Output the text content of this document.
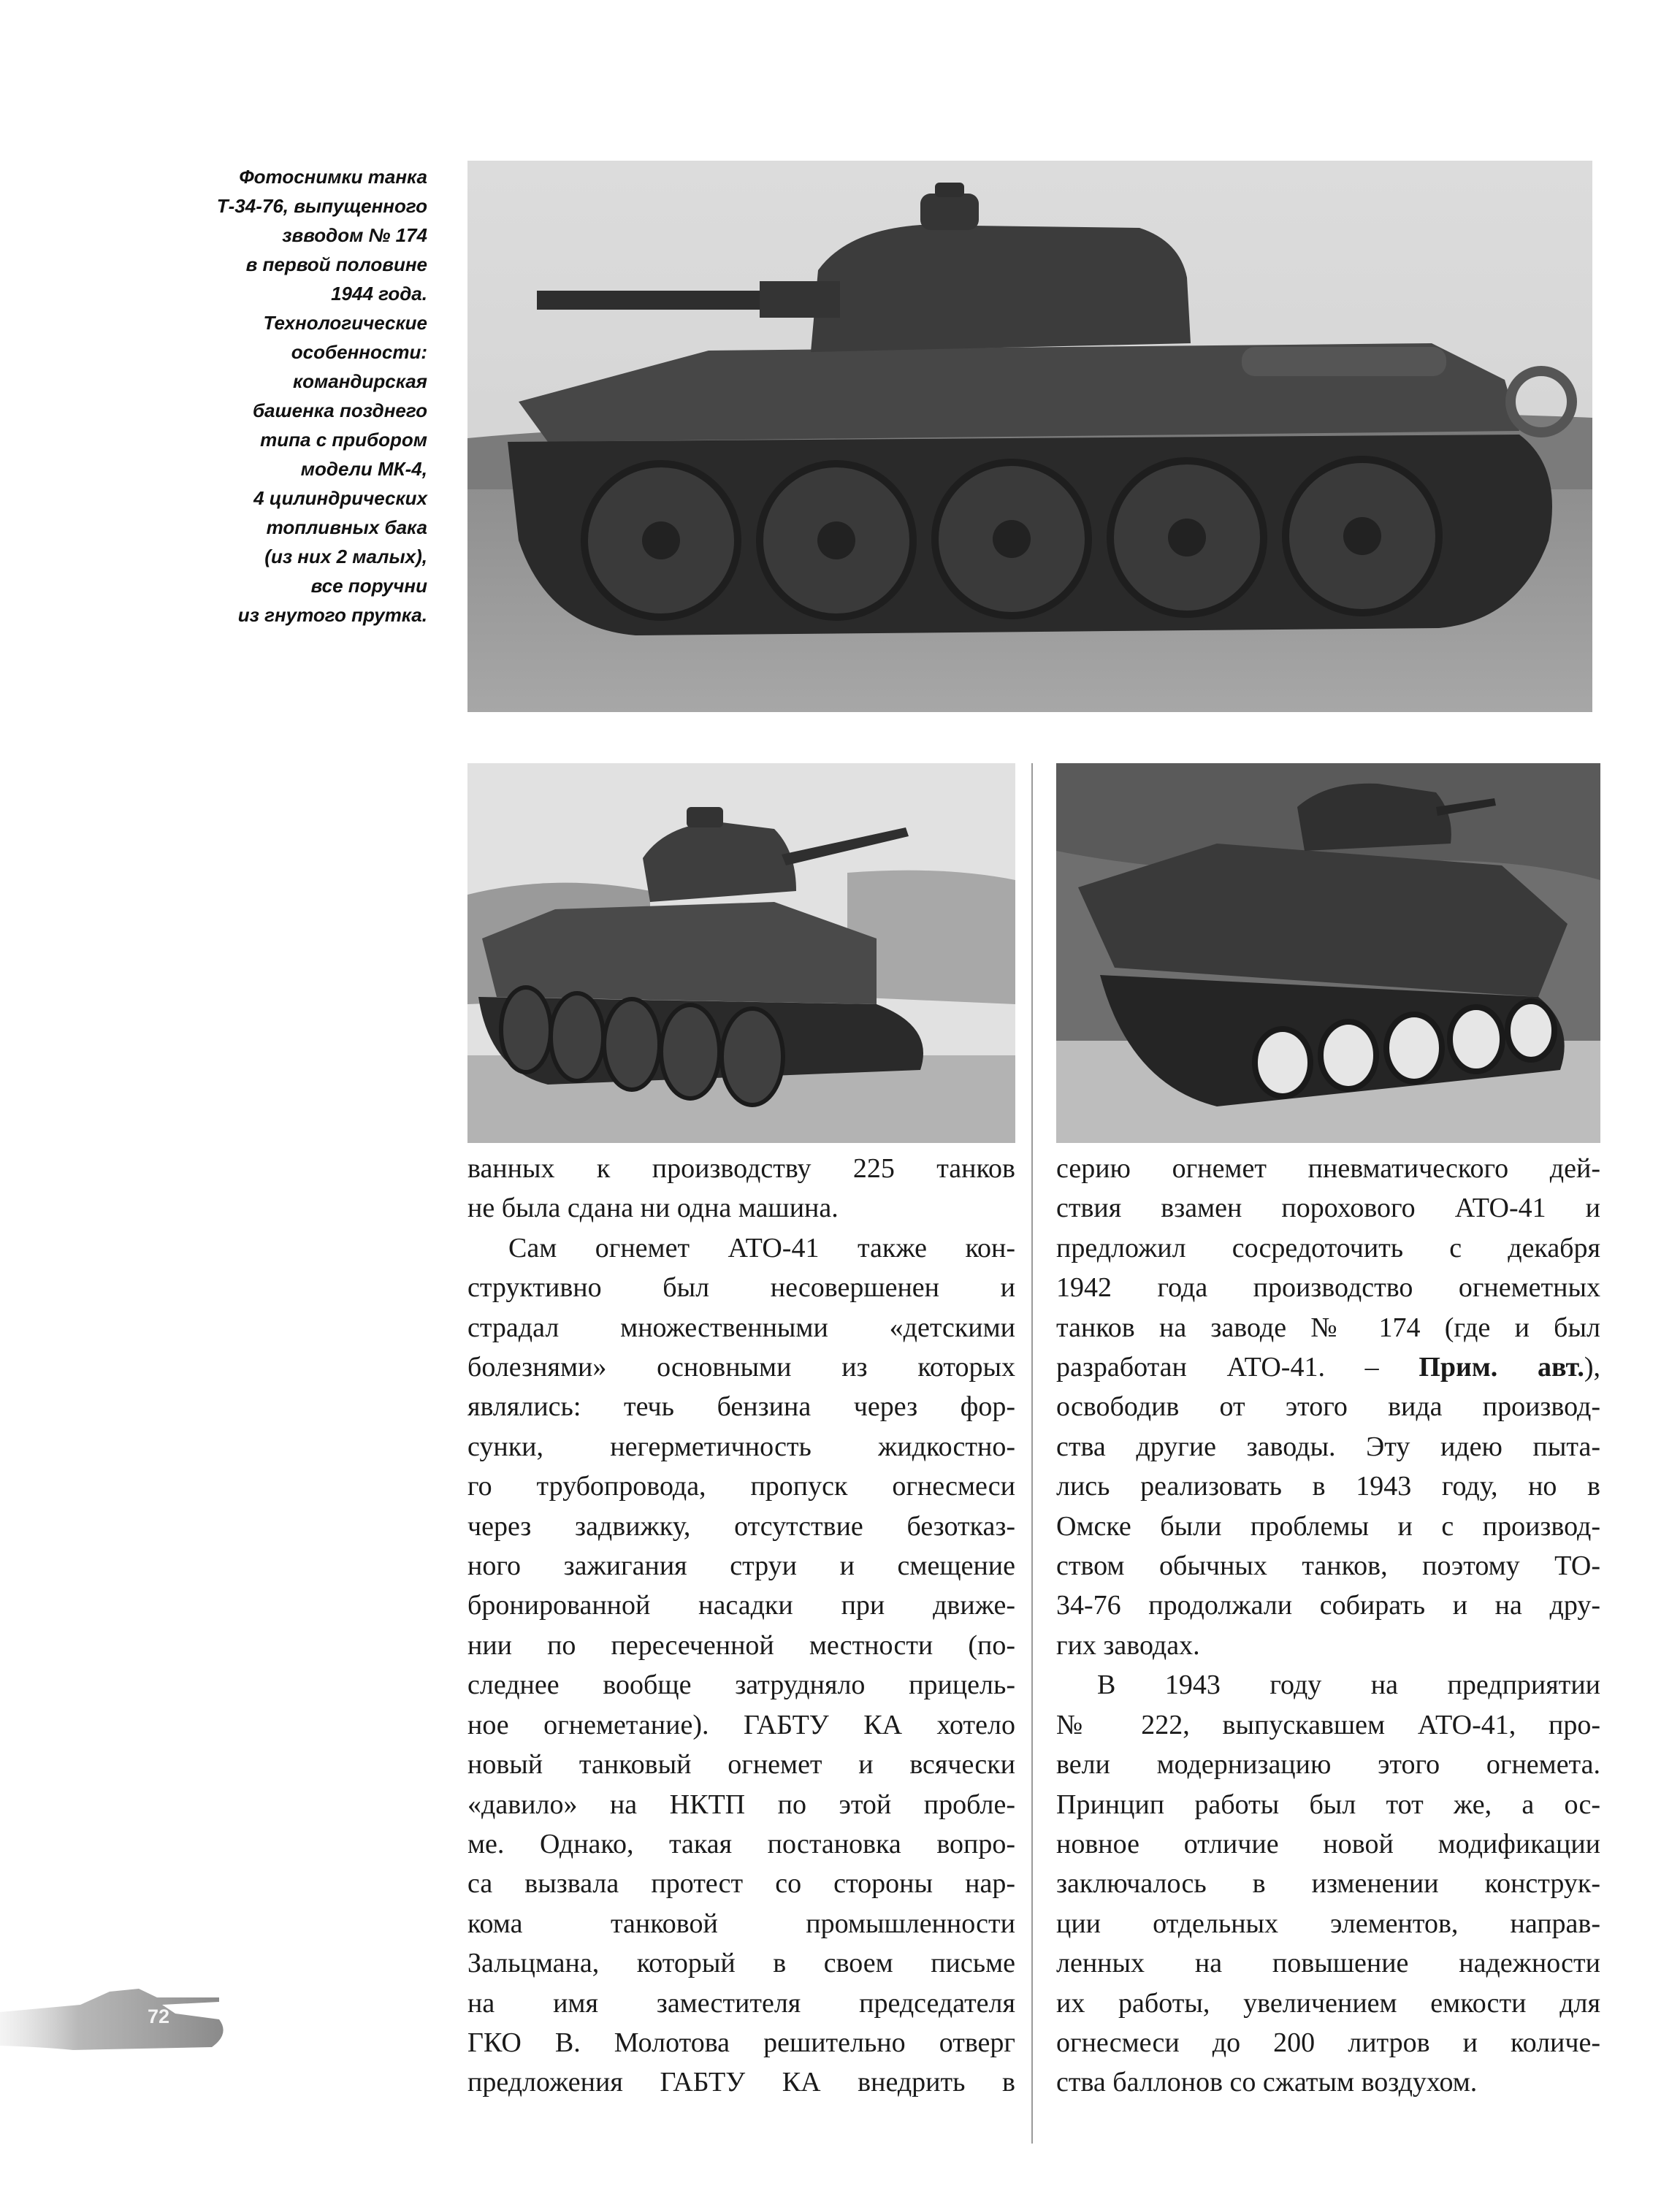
Фотоснимки танка
Т-34-76, выпущенного
звводом № 174
в первой половине
1944 года.
Технологические
особенности:
командирская
башенка позднего
типа с прибором
модели МК-4,
4 цилиндрических
топливных бака
(из них 2 малых),
все поручни
из гнутого прутка.
ванных к производству 225 танков
не была сдана ни одна машина.
Сам огнемет АТО-41 также кон-
структивно был несовершенен и
страдал множественными «детскими
болезнями» основными из которых
являлись: течь бензина через фор-
сунки, негерметичность жидкостно-
го трубопровода, пропуск огнесмеси
через задвижку, отсутствие безотказ-
ного зажигания струи и смещение
бронированной насадки при движе-
нии по пересеченной местности (по-
следнее вообще затрудняло прицель-
ное огнеметание). ГАБТУ КА хотело
новый танковый огнемет и всячески
«давило» на НКТП по этой пробле-
ме. Однако, такая постановка вопро-
са вызвала протест со стороны нар-
кома танковой промышленности
Зальцмана, который в своем письме
на имя заместителя председателя
ГКО В. Молотова решительно отверг
предложения ГАБТУ КА внедрить в
серию огнемет пневматического дей-
ствия взамен порохового АТО-41 и
предложил сосредоточить с декабря
1942 года производство огнеметных
танков на заводе № 174 (где и был
разработан АТО-41. – Прим. авт.),
освободив от этого вида производ-
ства другие заводы. Эту идею пыта-
лись реализовать в 1943 году, но в
Омске были проблемы и с производ-
ством обычных танков, поэтому ТО-
34-76 продолжали собирать и на дру-
гих заводах.
В 1943 году на предприятии
№ 222, выпускавшем АТО-41, про-
вели модернизацию этого огнемета.
Принцип работы был тот же, а ос-
новное отличие новой модификации
заключалось в изменении конструк-
ции отдельных элементов, направ-
ленных на повышение надежности
их работы, увеличением емкости для
огнесмеси до 200 литров и количе-
ства баллонов со сжатым воздухом.
72
